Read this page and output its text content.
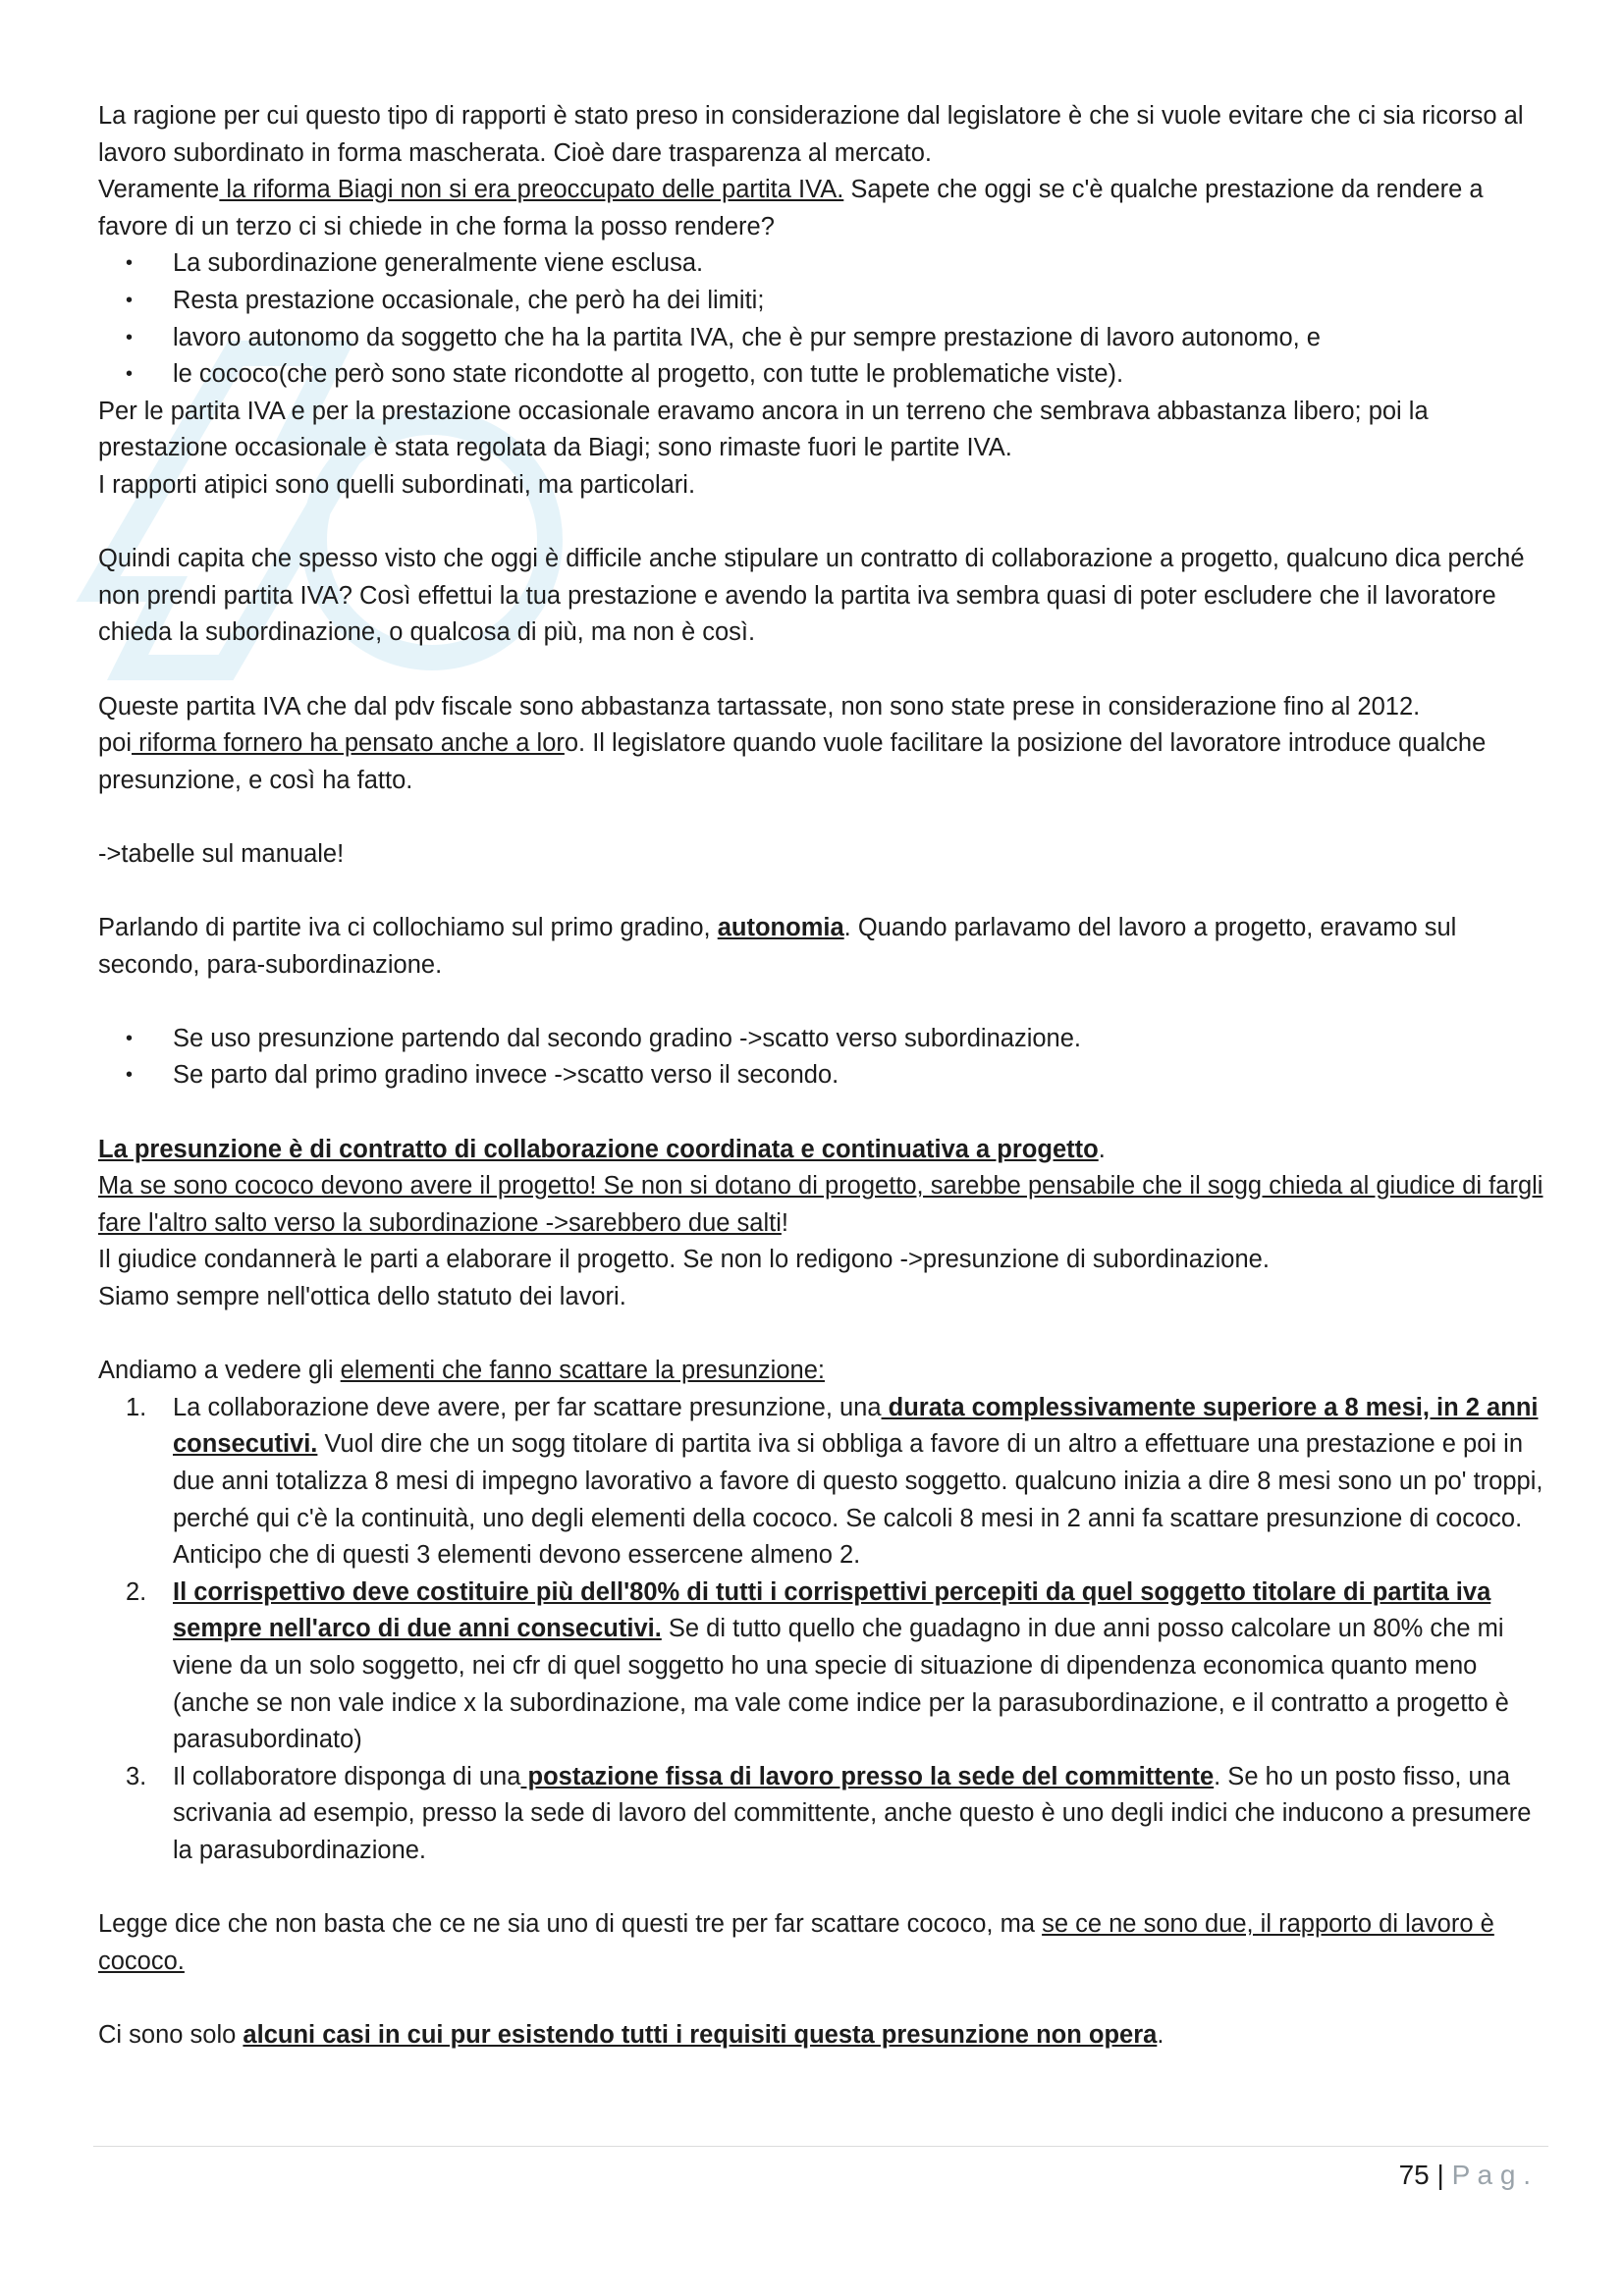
La ragione per cui questo tipo di rapporti è stato preso in considerazione dal legislatore è che si vuole evitare che ci sia ricorso al lavoro subordinato in forma mascherata. Cioè dare trasparenza al mercato.

Veramente la riforma Biagi non si era preoccupato delle partita IVA. Sapete che oggi se c'è qualche prestazione da rendere a favore di un terzo ci si chiede in che forma la posso rendere?

• La subordinazione generalmente viene esclusa.
• Resta prestazione occasionale, che però ha dei limiti;
• lavoro autonomo da soggetto che ha la partita IVA, che è pur sempre prestazione di lavoro autonomo, e
• le cococo(che però sono state ricondotte al progetto, con tutte le problematiche viste).

Per le partita IVA e per la prestazione occasionale eravamo ancora in un terreno che sembrava abbastanza libero; poi la prestazione occasionale è stata regolata da Biagi; sono rimaste fuori le partite IVA.

I rapporti atipici sono quelli subordinati, ma particolari.

Quindi capita che spesso visto che oggi è difficile anche stipulare un contratto di collaborazione a progetto, qualcuno dica perché non prendi partita IVA? Così effettui la tua prestazione e avendo la partita iva sembra quasi di poter escludere che il lavoratore chieda la subordinazione, o qualcosa di più, ma non è così.

Queste partita IVA che dal pdv fiscale sono abbastanza tartassate, non sono state prese in considerazione fino al 2012.

poi riforma fornero ha pensato anche a loro. Il legislatore quando vuole facilitare la posizione del lavoratore introduce qualche presunzione, e così ha fatto.

->tabelle sul manuale!

Parlando di partite iva ci collochiamo sul primo gradino, autonomia. Quando parlavamo del lavoro a progetto, eravamo sul secondo, para-subordinazione.

• Se uso presunzione partendo dal secondo gradino ->scatto verso subordinazione.
• Se parto dal primo gradino invece ->scatto verso il secondo.

La presunzione è di contratto di collaborazione coordinata e continuativa a progetto.

Ma se sono cococo devono avere il progetto! Se non si dotano di progetto, sarebbe pensabile che il sogg chieda al giudice di fargli fare l'altro salto verso la subordinazione ->sarebbero due salti!

Il giudice condannerà le parti a elaborare il progetto. Se non lo redigono ->presunzione di subordinazione.

Siamo sempre nell'ottica dello statuto dei lavori.

Andiamo a vedere gli elementi che fanno scattare la presunzione:

1. La collaborazione deve avere, per far scattare presunzione, una durata complessivamente superiore a 8 mesi, in 2 anni consecutivi. Vuol dire che un sogg titolare di partita iva si obbliga a favore di un altro a effettuare una prestazione e poi in due anni totalizza 8 mesi di impegno lavorativo a favore di questo soggetto. qualcuno inizia a dire 8 mesi sono un po' troppi, perché qui c'è la continuità, uno degli elementi della cococo. Se calcoli 8 mesi in 2 anni fa scattare presunzione di cococo.
Anticipo che di questi 3 elementi devono essercene almeno 2.
2. Il corrispettivo deve costituire più dell'80% di tutti i corrispettivi percepiti da quel soggetto titolare di partita iva sempre nell'arco di due anni consecutivi. Se di tutto quello che guadagno in due anni posso calcolare un 80% che mi viene da un solo soggetto, nei cfr di quel soggetto ho una specie di situazione di dipendenza economica quanto meno (anche se non vale indice x la subordinazione, ma vale come indice per la parasubordinazione, e il contratto a progetto è parasubordinato)
3. Il collaboratore disponga di una postazione fissa di lavoro presso la sede del committente. Se ho un posto fisso, una scrivania ad esempio, presso la sede di lavoro del committente, anche questo è uno degli indici che inducono a presumere la parasubordinazione.

Legge dice che non basta che ce ne sia uno di questi tre per far scattare cococo, ma se ce ne sono due, il rapporto di lavoro è cococo.

Ci sono solo alcuni casi in cui pur esistendo tutti i requisiti questa presunzione non opera.

75 | P a g .
